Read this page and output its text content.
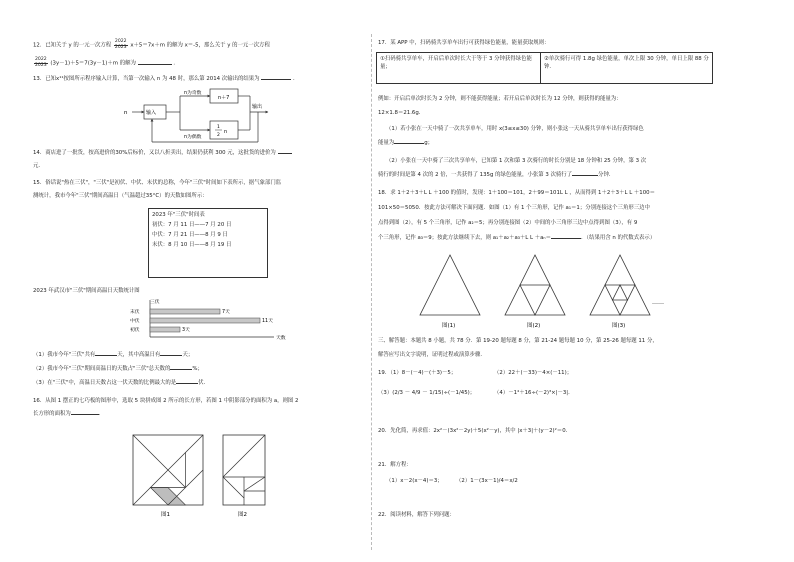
12．已知关于 y 的一元一次方程 $\frac{2022}{2023} x+5=7x+m$ 的解为 x＝-5，那么关于 y 的一元一次方程
$\frac{2022}{2023} (3y-1)+5=7(3y-1)+m$ 的解为	．
13．已知x¹¹按图所示程序输入计算，当第一次输入 n 为 48 时，那么第 2014 次输出的结果为	．
n	输入
n为奇数
n＋7
n为偶数
1
2
n
输出
14．商店进了一批货，按高进价的30%后标价，又以八折卖出，结果仍获利 300 元，这批货的进价为
元．
15．俗话说"热在三伏"，"三伏"是初伏、中伏、末伏的总称，今年"三伏"时间如下表所示，据气象部门监
测统计，我市今年"三伏"期间高温日（气温超过35°C）的天数如图所示：
2023 年"三伏"时间表
初伏：7 月 11 日——7 月 20 日
中伏：7 月 21 日——8 月 9 日
末伏：8 月 10 日——8 月 19 日
2023 年武汉市"三伏"期间高温日天数统计图
三伏
天数
末伏	7天
中伏	11天
初伏	3天
（1）我市今年"三伏"共有	天，其中高温日有	天；
（2）我市今年"三伏"期间高温日的天数占"三伏"总天数的	%；
（3）在"三伏"中，高温日天数占这一伏天数的比例最大的是	伏．
16．从图 1 摆正的七巧板的图形中，选取 5 块拼成图 2 所示的长方形，若图 1 中阴影部分的面积为 a，则图 2
长方形的面积为	．
图1	图2
17．某 APP 中，扫码骑共享单车出行可获得绿色能量，能量获取规则：
①扫码骑共享单车，开启后单次时长大于等于 3 分钟获得绿色能量；
②单次骑行可得 1.8g 绿色能量，单次上限 30 分钟，单日上限 88 分钟．
例如：开启后单次时长为 2 分钟，则不能获得能量；若开启后单次时长为 12 分钟，则获得的能量为：
12×1.8＝21.6g．
（1）若小张在一天中骑了一次共享单车，用时 x(3≤x≤30) 分钟，则小张这一天从骑共享单车出行获得绿色
能量为	g；
（2）小张在一天中骑了三次共享单车，已知第 1 次和第 3 次骑行的时长分别是 18 分钟和 25 分钟，第 3 次
骑行的时间是第 4 次的 2 倍，一共获得了 135g 的绿色能量，小张第 3 次骑行了	分钟．
18．求 1＋2＋3＋L L ＋100 的值时，发现：1＋100＝101，2＋99＝101L L ，从而得到 1＋2＋3＋L L ＋100＝
101×50＝5050．按此方法可解决下面问题．如图（1）有 1 个三角形，记作 a₁＝1；分别连接这个三角形三边中
点得到图（2），有 5 个三角形，记作 a₂＝5；再分别连接图（2）中间的小三角形三边中点得到图（3），有 9
个三角形，记作 a₃＝9；按此方法继续下去，则 a₁＋a₂＋a₃＋L L ＋aₙ＝	．（结果用含 n 的代数式表示）
图(1)	图(2)	图(3)
……
三、解答题：本题共 8 小题，共 78 分．第 19-20 题每题 8 分，第 21-24 题每题 10 分，第 25-26 题每题 11 分，
解答应写出文字说明，证明过程或演算步骤．
19．（1）8－(－4)－(＋3)－5；	（2）22＋(－33)－4×(－11)；
（3）(2/3 － 4/9 － 1/15)÷(－1/45)；	（4）－1⁴＋16÷(－2)³×|－3|．
20．先化简，再求值：2x²－(3x²－2y)＋5(x²－y)，其中 |x＋3|＋(y－2)²＝0．
21．解方程：
（1）x－2(x－4)＝3； （2）1－(3x－1)/4＝x/2
22．阅读材料，解答下列问题：
